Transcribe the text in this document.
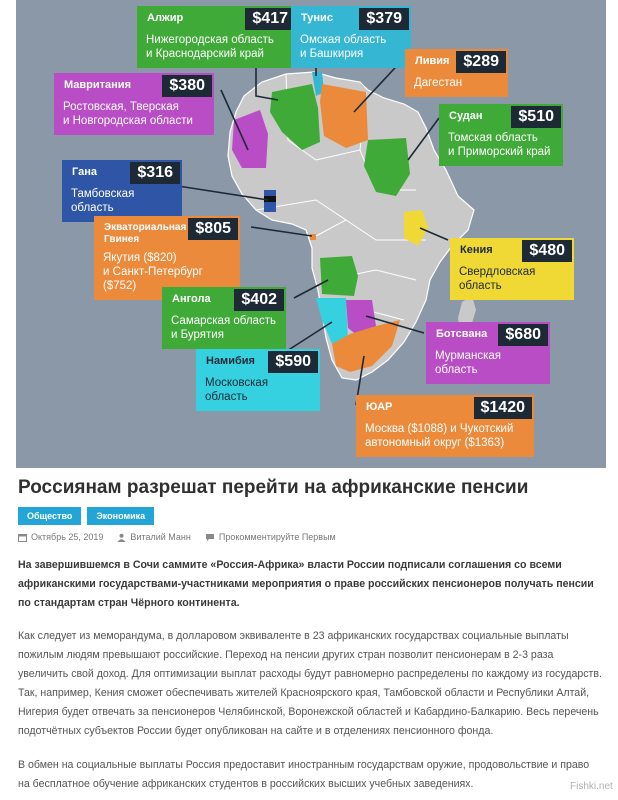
Алжир	$417
Нижегородская область
и Краснодарский край
Тунис	$379
Омская область
и Башкирия
Ливия $289
Дагестан
Мавритания	$380
Ростовская, Тверская
и Новгородская области	Судан	$510
Томская область
и Приморский край
Гана	$316
Тамбовская область
Экваториальная Гвинея
$805
Якутия ($820)
и Санкт-Петербург ($752)
Кения	$480
Свердловская область
Ангола	$402
Самарская область
и Бурятия	Ботсвана	$680
Мурманская область
Намибия	$590
Московская область
ЮАР	$1420
Москва ($1088) и Чукотский
автономный округ ($1363)
Россиянам разрешат перейти на африканские пенсии
Общество	Экономика
Октябрь 25, 2019	Виталий Манн	Прокомментируйте Первым

На завершившемся в Сочи саммите «Россия-Африка» власти России подписали соглашения со всеми африканскими государствами-участниками мероприятия о праве российских пенсионеров получать пенсии по стандартам стран Чёрного континента.

Как следует из меморандума, в долларовом эквиваленте в 23 африканских государствах социальные выплаты пожилым людям превышают российские. Переход на пенсии других стран позволит пенсионерам в 2-3 раза увеличить свой доход. Для оптимизации выплат расходы будут равномерно распределены по каждому из государств. Так, например, Кения сможет обеспечивать жителей Красноярского края, Тамбовской области и Республики Алтай, Нигерия будет отвечать за пенсионеров Челябинской, Воронежской областей и Кабардино-Балкарию. Весь перечень подотчётных субъектов России будет опубликован на сайте и в отделениях пенсионного фонда.

В обмен на социальные выплаты Россия предоставит иностранным государствам оружие, продовольствие и право на бесплатное обучение африканских студентов в российских высших учебных заведениях.	Fishki.net
